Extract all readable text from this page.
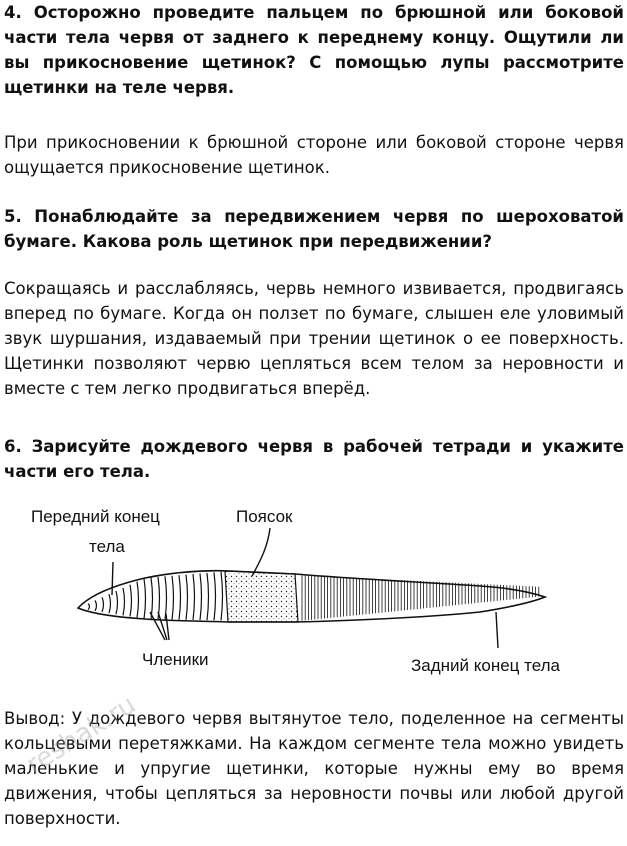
4. Осторожно проведите пальцем по брюшной или боковой части тела червя от заднего к переднему концу. Ощутили ли вы прикосновение щетинок? С помощью лупы рассмотрите щетинки на теле червя.
При прикосновении к брюшной стороне или боковой стороне червя ощущается прикосновение щетинок.
5. Понаблюдайте за передвижением червя по шероховатой бумаге. Какова роль щетинок при передвижении?
Сокращаясь и расслабляясь, червь немного извивается, продвигаясь вперед по бумаге. Когда он ползет по бумаге, слышен еле уловимый звук шуршания, издаваемый при трении щетинок о ее поверхность. Щетинки позволяют червю цепляться всем телом за неровности и вместе с тем легко продвигаться вперёд.
6. Зарисуйте дождевого червя в рабочей тетради и укажите части его тела.
Вывод: У дождевого червя вытянутое тело, поделенное на сегменты кольцевыми перетяжками. На каждом сегменте тела можно увидеть маленькие и упругие щетинки, которые нужны ему во время движения, чтобы цепляться за неровности почвы или любой другой поверхности.
Передний конец
тела
Поясок
Членики	Задний конец тела
reshak.ru
